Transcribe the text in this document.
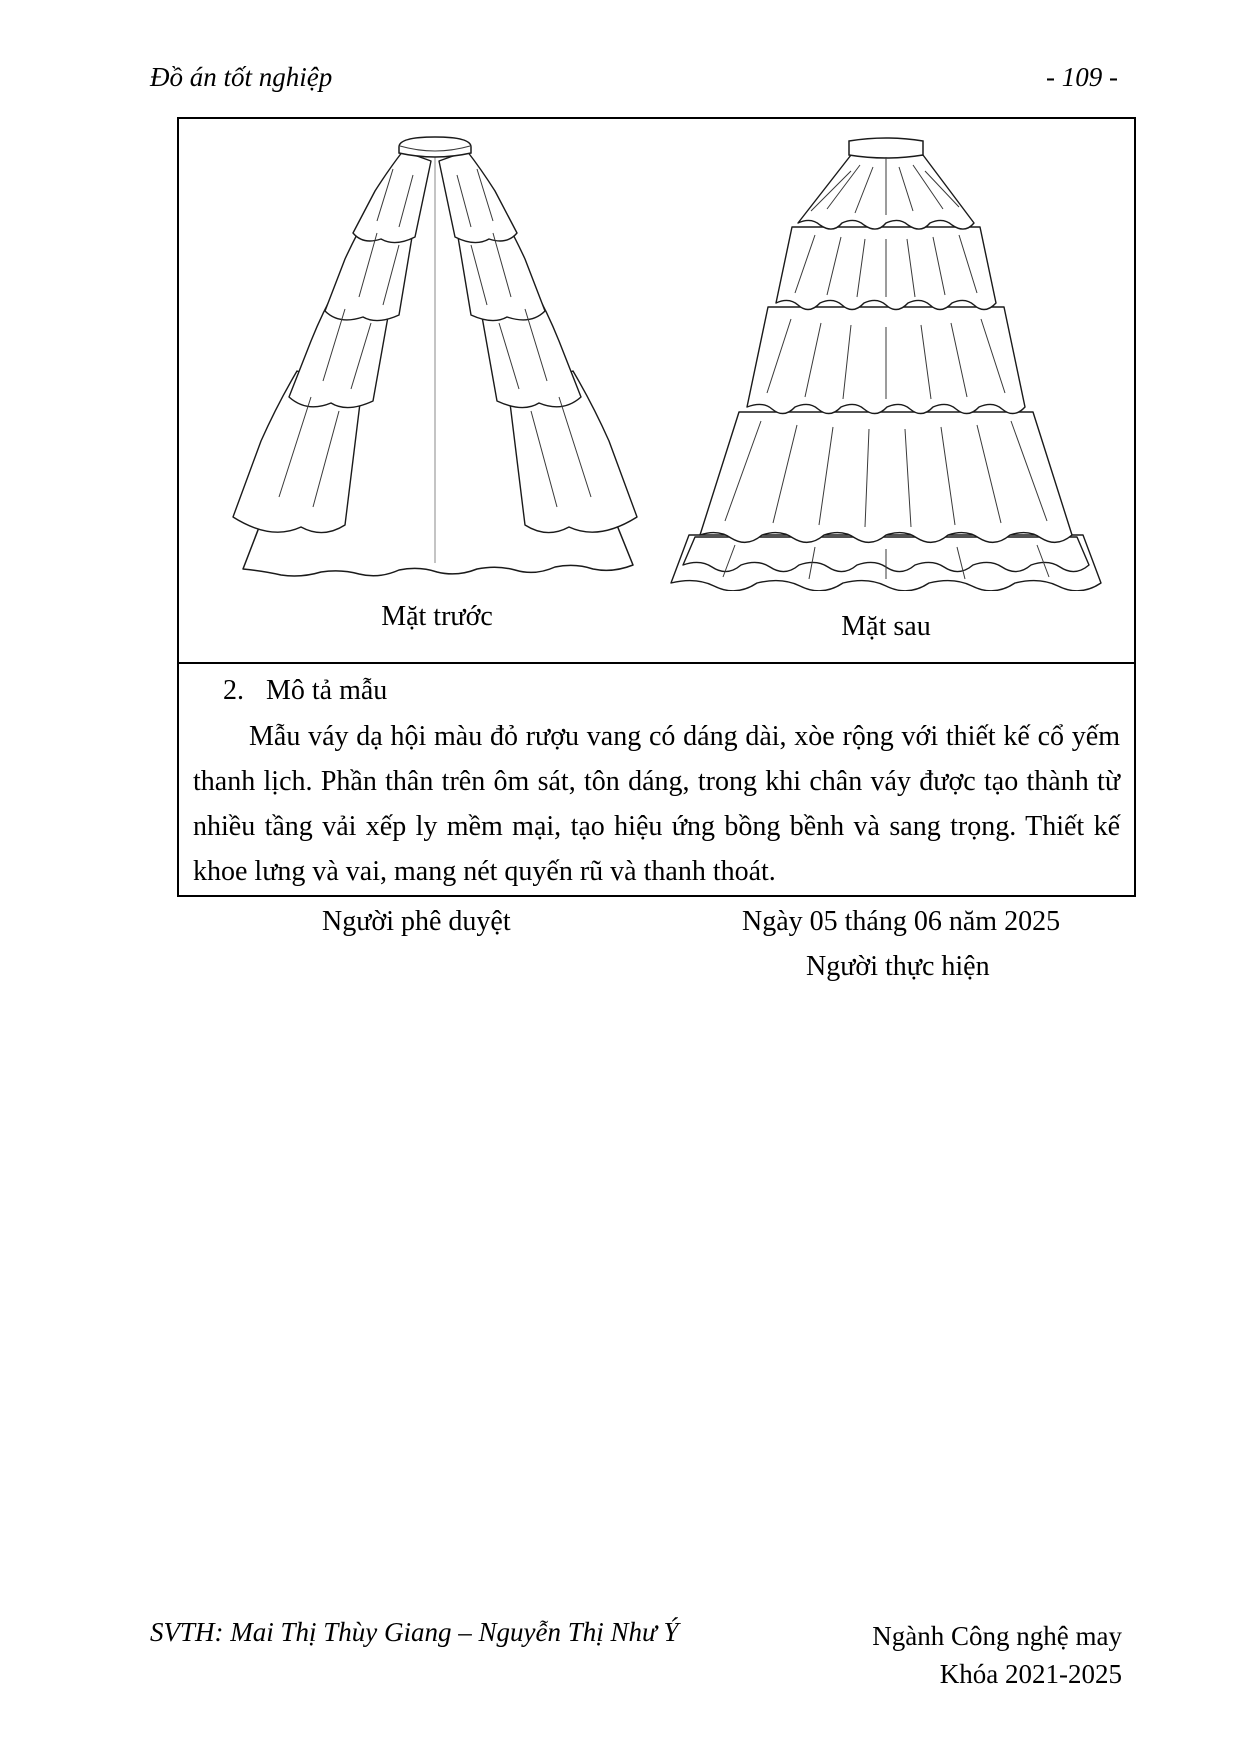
Đồ án tốt nghiệp	- 109 -
Mặt trước	Mặt sau
2. Mô tả mẫu
Mẫu váy dạ hội màu đỏ rượu vang có dáng dài, xòe rộng với thiết kế cổ yếm thanh lịch. Phần thân trên ôm sát, tôn dáng, trong khi chân váy được tạo thành từ nhiều tầng vải xếp ly mềm mại, tạo hiệu ứng bồng bềnh và sang trọng. Thiết kế khoe lưng và vai, mang nét quyến rũ và thanh thoát.
Người phê duyệt	Ngày 05 tháng 06 năm 2025
Người thực hiện
SVTH: Mai Thị Thùy Giang – Nguyễn Thị Như Ý	Ngành Công nghệ may
Khóa 2021-2025
